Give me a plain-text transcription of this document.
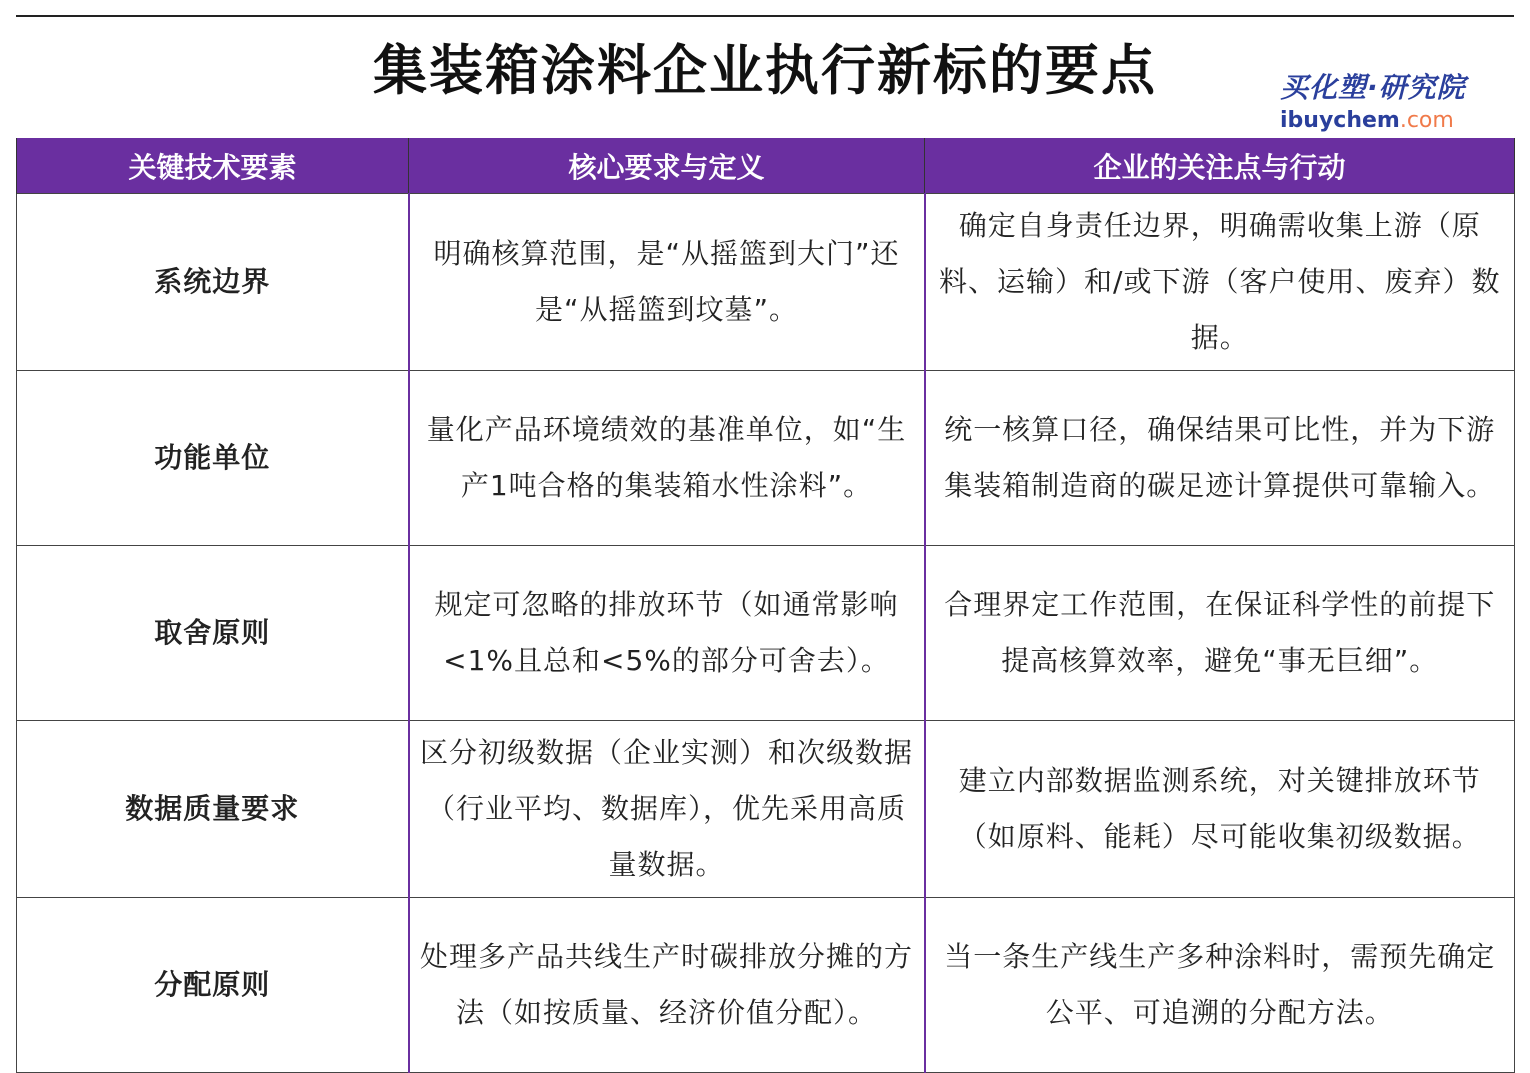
集装箱涂料企业执行新标的要点	买化塑·研究院
ibuychem.com
关键技术要素	核心要求与定义	企业的关注点与行动
系统边界	明确核算范围，是“从摇篮到大门”还是“从摇篮到坟墓”。	确定自身责任边界，明确需收集上游（原料、运输）和/或下游（客户使用、废弃）数据。
功能单位	量化产品环境绩效的基准单位，如“生产1吨合格的集装箱水性涂料”。	统一核算口径，确保结果可比性，并为下游集装箱制造商的碳足迹计算提供可靠输入。
取舍原则	规定可忽略的排放环节（如通常影响<1%且总和<5%的部分可舍去）。	合理界定工作范围，在保证科学性的前提下提高核算效率，避免“事无巨细”。
数据质量要求	区分初级数据（企业实测）和次级数据（行业平均、数据库），优先采用高质量数据。	建立内部数据监测系统，对关键排放环节（如原料、能耗）尽可能收集初级数据。
分配原则	处理多产品共线生产时碳排放分摊的方法（如按质量、经济价值分配）。	当一条生产线生产多种涂料时，需预先确定公平、可追溯的分配方法。
